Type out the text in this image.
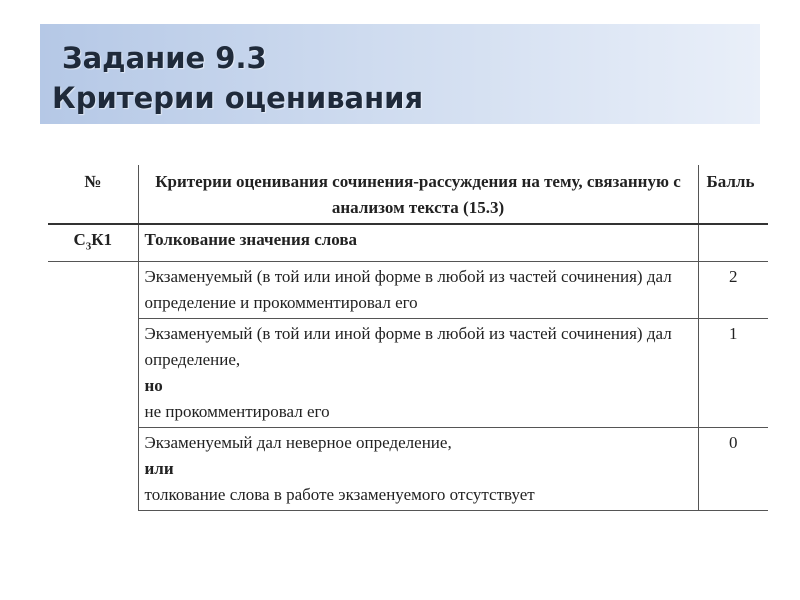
Задание 9.3

Критерии оценивания

№	Критерии оценивания сочинения-рассуждения на тему, связанную с анализом текста (15.3)	Балль
$С_3К1$	Толкование значения слова	

	Экзаменуемый (в той или иной форме в любой из частей сочинения) дал определение и прокомментировал его	2

	Экзаменуемый (в той или иной форме в любой из частей сочинения) дал определение,
но
не прокомментировал его	1

	Экзаменуемый дал неверное определение,
или
толкование слова в работе экзаменуемого отсутствует	0
